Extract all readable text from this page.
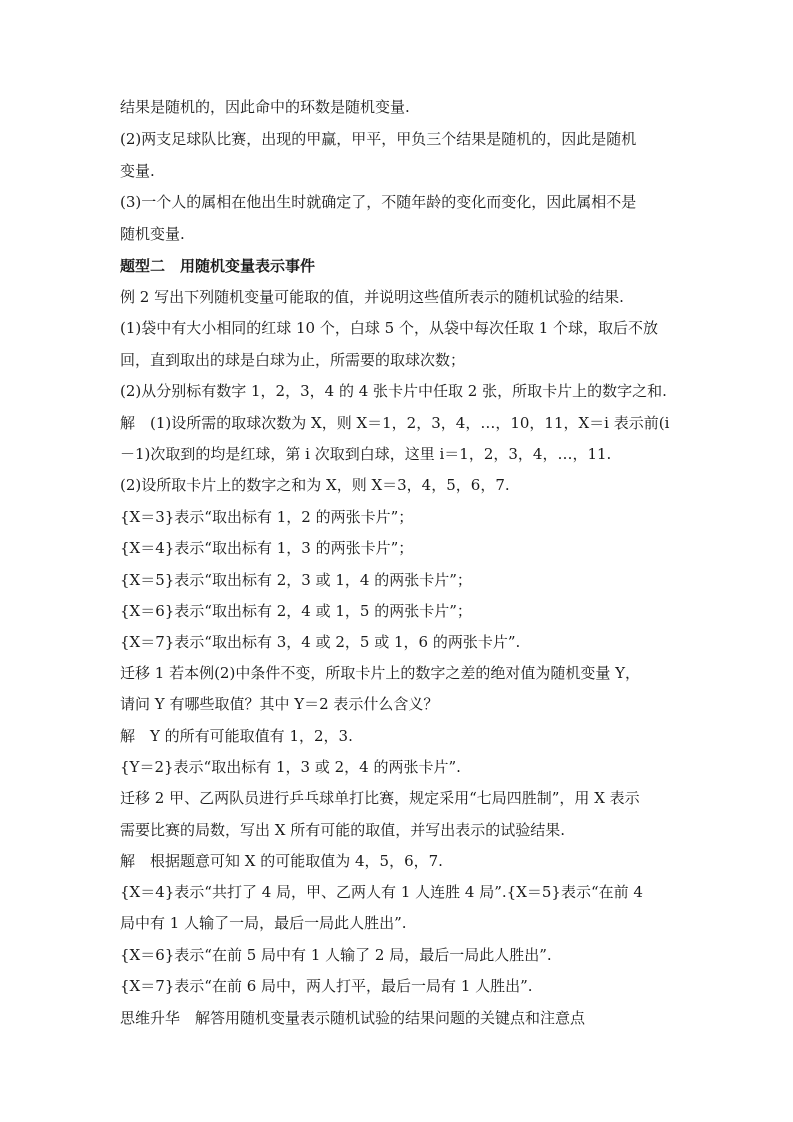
结果是随机的，因此命中的环数是随机变量.
(2)两支足球队比赛，出现的甲赢，甲平，甲负三个结果是随机的，因此是随机
变量.
(3)一个人的属相在他出生时就确定了，不随年龄的变化而变化，因此属相不是
随机变量.
题型二　用随机变量表示事件
例 2 写出下列随机变量可能取的值，并说明这些值所表示的随机试验的结果.
(1)袋中有大小相同的红球 10 个，白球 5 个，从袋中每次任取 1 个球，取后不放
回，直到取出的球是白球为止，所需要的取球次数；
(2)从分别标有数字 1，2，3，4 的 4 张卡片中任取 2 张，所取卡片上的数字之和.
解　(1)设所需的取球次数为 X，则 X＝1，2，3，4，…，10，11，X＝i 表示前(i
－1)次取到的均是红球，第 i 次取到白球，这里 i＝1，2，3，4，…，11.
(2)设所取卡片上的数字之和为 X，则 X＝3，4，5，6，7.
{X＝3}表示“取出标有 1，2 的两张卡片”；
{X＝4}表示“取出标有 1，3 的两张卡片”；
{X＝5}表示“取出标有 2，3 或 1，4 的两张卡片”；
{X＝6}表示“取出标有 2，4 或 1，5 的两张卡片”；
{X＝7}表示“取出标有 3，4 或 2，5 或 1，6 的两张卡片”.
迁移 1 若本例(2)中条件不变，所取卡片上的数字之差的绝对值为随机变量 Y，
请问 Y 有哪些取值？其中 Y＝2 表示什么含义？
解　Y 的所有可能取值有 1，2，3.
{Y＝2}表示“取出标有 1，3 或 2，4 的两张卡片”.
迁移 2 甲、乙两队员进行乒乓球单打比赛，规定采用“七局四胜制”，用 X 表示
需要比赛的局数，写出 X 所有可能的取值，并写出表示的试验结果.
解　根据题意可知 X 的可能取值为 4，5，6，7.
{X＝4}表示“共打了 4 局，甲、乙两人有 1 人连胜 4 局”.{X＝5}表示“在前 4
局中有 1 人输了一局，最后一局此人胜出”.
{X＝6}表示“在前 5 局中有 1 人输了 2 局，最后一局此人胜出”.
{X＝7}表示“在前 6 局中，两人打平，最后一局有 1 人胜出”.
思维升华　解答用随机变量表示随机试验的结果问题的关键点和注意点
